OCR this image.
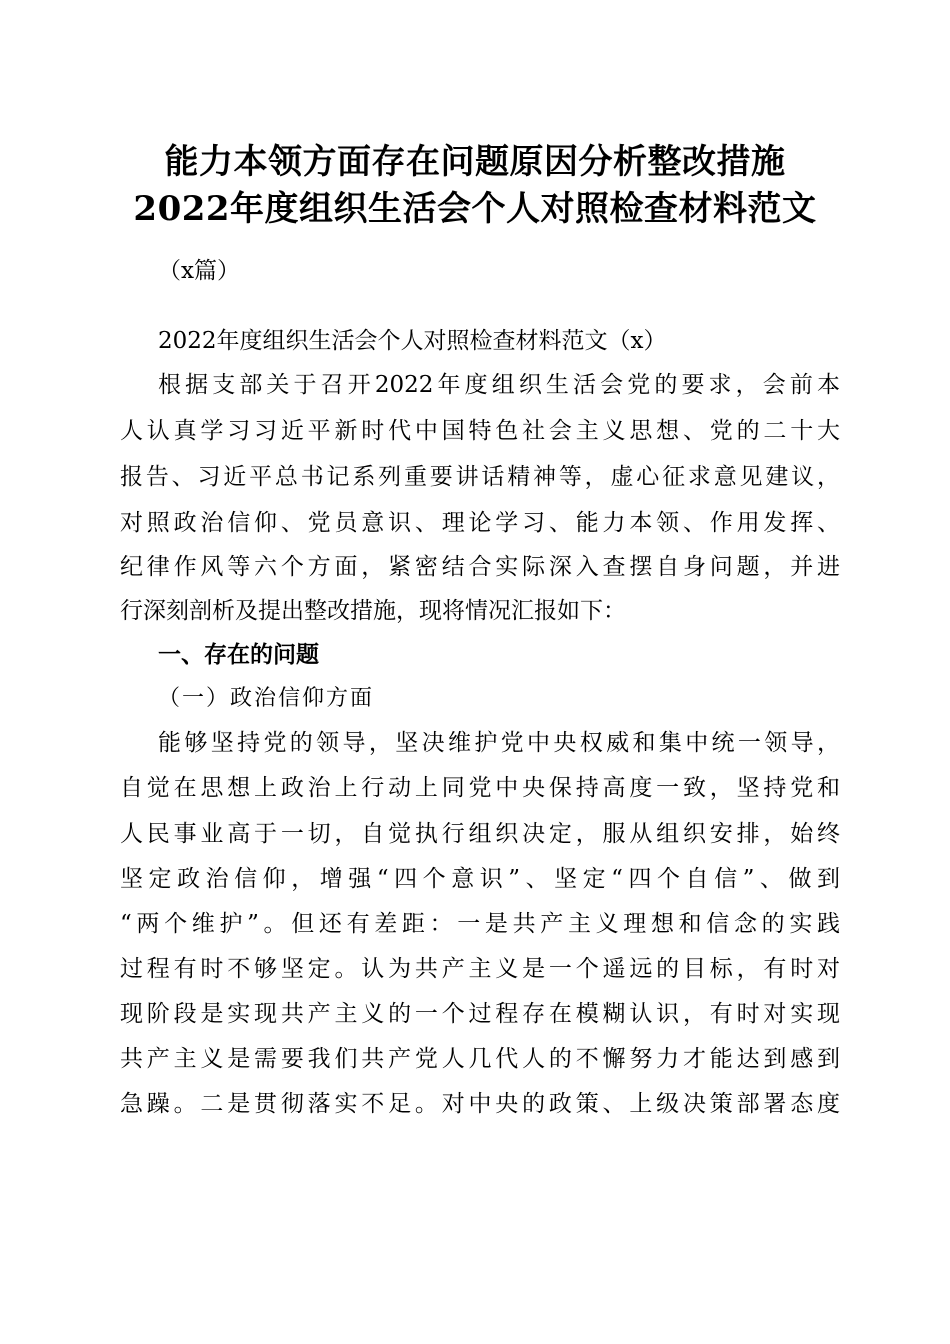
能力本领方面存在问题原因分析整改措施
2022年度组织生活会个人对照检查材料范文
（x篇）
2022年度组织生活会个人对照检查材料范文（x）
根据支部关于召开2022年度组织生活会党的要求，会前本
人认真学习习近平新时代中国特色社会主义思想、党的二十大
报告、习近平总书记系列重要讲话精神等，虚心征求意见建议，
对照政治信仰、党员意识、理论学习、能力本领、作用发挥、
纪律作风等六个方面，紧密结合实际深入查摆自身问题，并进
行深刻剖析及提出整改措施，现将情况汇报如下：
一、存在的问题
（一）政治信仰方面
能够坚持党的领导，坚决维护党中央权威和集中统一领导，
自觉在思想上政治上行动上同党中央保持高度一致，坚持党和
人民事业高于一切，自觉执行组织决定，服从组织安排，始终
坚定政治信仰，增强“四个意识”、坚定“四个自信”、做到
“两个维护”。但还有差距：一是共产主义理想和信念的实践
过程有时不够坚定。认为共产主义是一个遥远的目标，有时对
现阶段是实现共产主义的一个过程存在模糊认识，有时对实现
共产主义是需要我们共产党人几代人的不懈努力才能达到感到
急躁。二是贯彻落实不足。对中央的政策、上级决策部署态度
